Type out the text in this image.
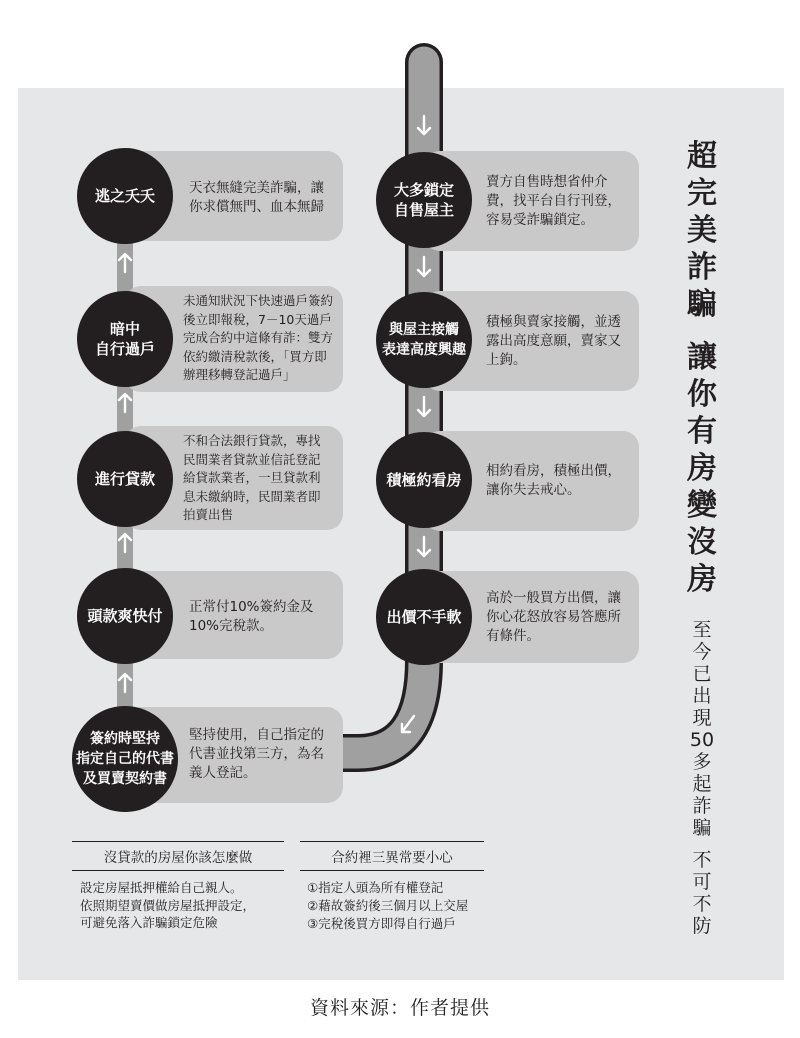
賣方自售時想省仲介
費，找平台自行刊登，
容易受詐騙鎖定。
積極與賣家接觸，並透
露出高度意願，賣家又
上鉤。
相約看房，積極出價，
讓你失去戒心。
高於一般買方出價，讓
你心花怒放容易答應所
有條件。
天衣無縫完美詐騙，讓
你求償無門、血本無歸
未通知狀況下快速過戶簽約
後立即報稅，7－10天過戶
完成合約中這條有詐：雙方
依約繳清稅款後，「買方即
辦理移轉登記過戶」
不和合法銀行貸款，專找
民間業者貸款並信託登記
給貸款業者，一旦貸款利
息未繳納時，民間業者即
拍賣出售
正常付10%簽約金及
10%完稅款。
堅持使用，自己指定的
代書並找第三方，為名
義人登記。
大多鎖定
自售屋主
與屋主接觸
表達高度興趣
積極約看房
出價不手軟
逃之夭夭
暗中
自行過戶
進行貸款
頭款爽快付
簽約時堅持
指定自己的代書
及買賣契約書
超
完
美
詐
騙
讓
你
有
房
變
沒
房
至
今
已
出
現
50
多
起
詐
騙
不
可
不
防
沒貸款的房屋你該怎麼做
設定房屋抵押權給自己親人。
依照期望賣價做房屋抵押設定，
可避免落入詐騙鎖定危險
合約裡三異常要小心
①指定人頭為所有權登記
②藉故簽約後三個月以上交屋
③完稅後買方即得自行過戶
資料來源：作者提供
